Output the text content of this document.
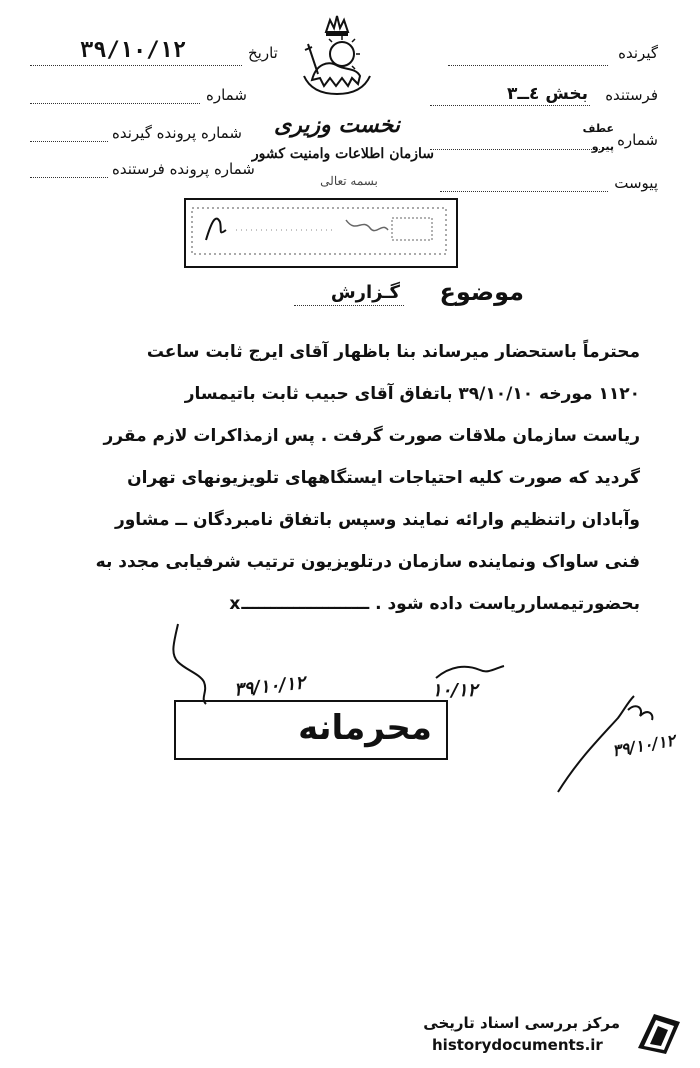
گیرنده
فرستنده
بخش ٤ــ٣
شماره
عطف
پیرو
پیوست
تاریخ
۳۹/۱۰/۱۲
شماره
شماره پرونده گیرنده
شماره پرونده فرستنده
نخست وزیری
سازمان اطلاعات وامنیت کشور
بسمه تعالی
موضوع
گـزارش
محترماً باستحضار میرساند بنا باظهار آقای ایرج ثابت ساعت
۱۱۲۰ مورخه ۳۹/۱۰/۱۰ باتفاق آقای حبیب ثابت باتیمسار
ریاست سازمان ملاقات صورت گرفت . پس ازمذاکرات لازم مقرر
گردید که صورت کلیه احتیاجات ایستگاههای تلویزیونهای تهران
وآبادان راتنظیم وارائه نمایند وسپس باتفاق نامبردگان ــ مشاور
فنی ساواک ونماینده سازمان درتلویزیون ترتیب شرفیابی مجدد به
بحضورتیمسارریاست داده شود . ــــــــــــــــــــــx
۳۹/۱۰/۱۲	۱۰/۱۲
۳۹/۱۰/۱۲
محرمانه
مرکز بررسی اسناد تاریخی
historydocuments.ir
